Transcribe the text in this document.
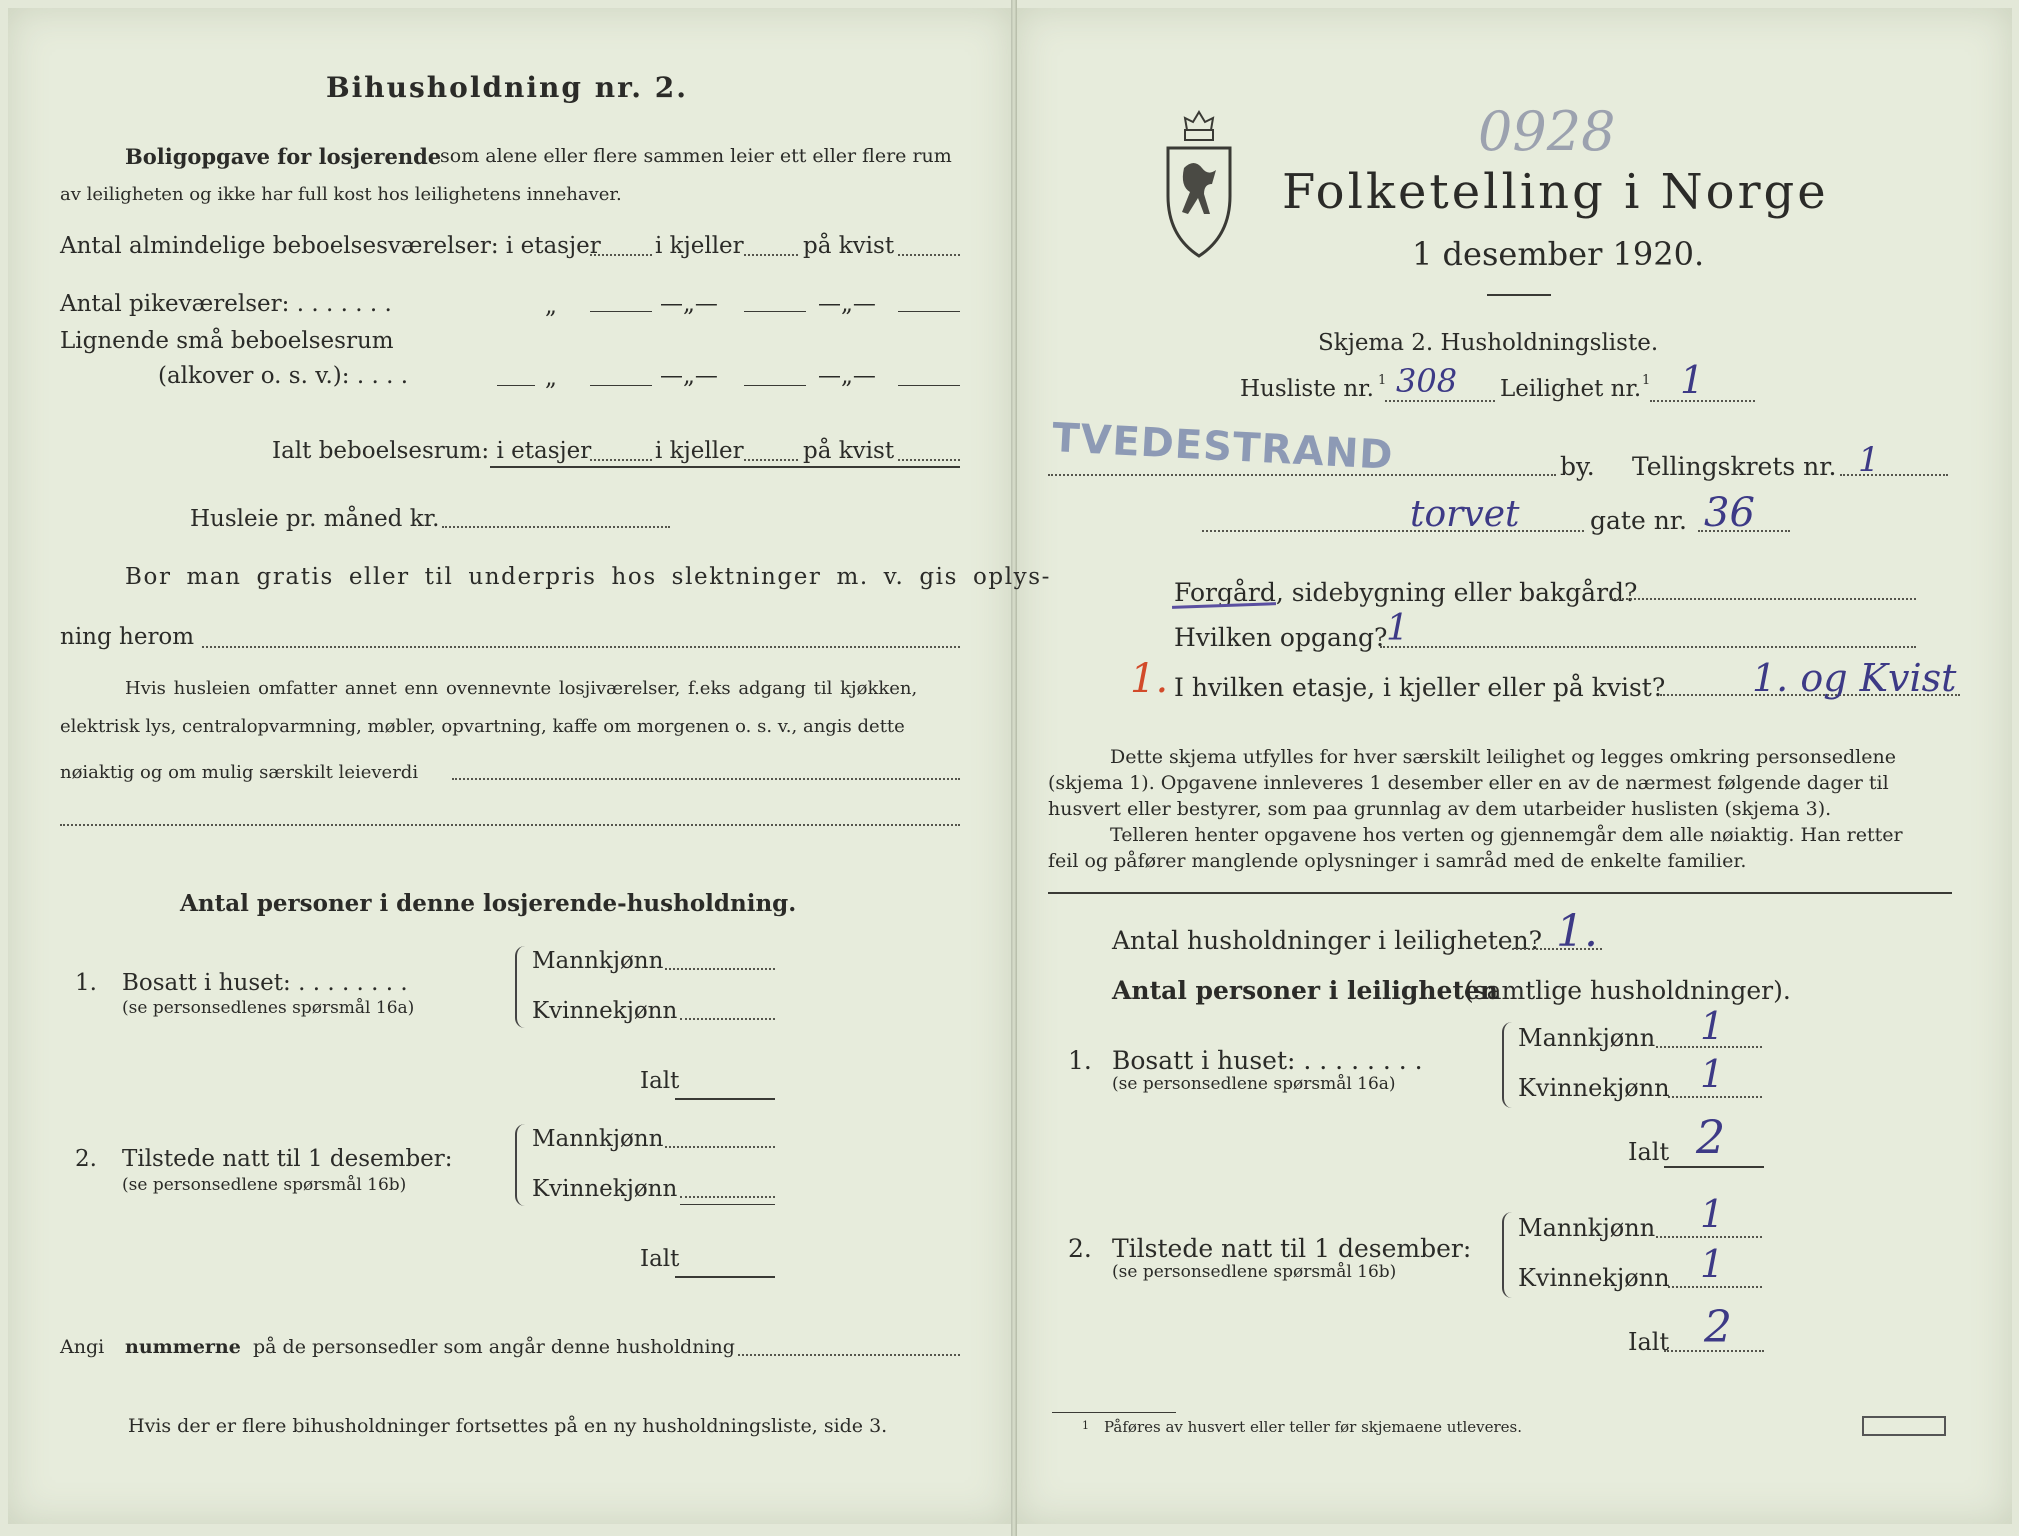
Bihusholdning nr. 2.
Boligopgave for losjerende
som alene eller flere sammen leier ett eller flere rum
av leiligheten og ikke har full kost hos leilighetens innehaver.
Antal almindelige beboelsesværelser: i etasjer i kjeller	på kvist
Antal pikeværelser: . . . . . . .	„	—„—	—„—
Lignende små beboelsesrum
(alkover o. s. v.): . . . .	„	—„—	—„—
Ialt beboelsesrum: i etasjer	i kjeller	på kvist
Husleie pr. måned kr.
Bor man gratis eller til underpris hos slektninger m. v. gis oplys-
ning herom
Hvis husleien omfatter annet enn ovennevnte losjiværelser, f.eks adgang til kjøkken,
elektrisk lys, centralopvarmning, møbler, opvartning, kaffe om morgenen o. s. v., angis dette
nøiaktig og om mulig særskilt leieverdi
Antal personer i denne losjerende-husholdning.
1. Bosatt i huset: . . . . . . . .
(se personsedlenes spørsmål 16a)
Mannkjønn
Kvinnekjønn
Ialt
2. Tilstede natt til 1 desember:
(se personsedlene spørsmål 16b)
Mannkjønn
Kvinnekjønn
Ialt
Angi nummerne på de personsedler som angår denne husholdning
Hvis der er flere bihusholdninger fortsettes på en ny husholdningsliste, side 3.
0928
Folketelling i Norge
1 desember 1920.
Skjema 2. Husholdningsliste.
Husliste nr. 1 308 Leilighet nr. 1 1
TVEDESTRAND	by. Tellingskrets nr. 1
torvet	gate nr. 36
Forgård, sidebygning eller bakgård?
Hvilken opgang?
1
1. I hvilken etasje, i kjeller eller på kvist? 1. og Kvist
Dette skjema utfylles for hver særskilt leilighet og legges omkring personsedlene
(skjema 1). Opgavene innleveres 1 desember eller en av de nærmest følgende dager til
husvert eller bestyrer, som paa grunnlag av dem utarbeider huslisten (skjema 3).
Telleren henter opgavene hos verten og gjennemgår dem alle nøiaktig. Han retter
feil og påfører manglende oplysninger i samråd med de enkelte familier.
Antal husholdninger i leiligheten? 1.
Antal personer i leiligheten
(samtlige husholdninger).
1. Bosatt i huset: . . . . . . . .
(se personsedlene spørsmål 16a)
Mannkjønn 1
Kvinnekjønn 1
Ialt 2
2. Tilstede natt til 1 desember:
(se personsedlene spørsmål 16b)
Mannkjønn 1
Kvinnekjønn 1
Ialt 2
1 Påføres av husvert eller teller før skjemaene utleveres.
